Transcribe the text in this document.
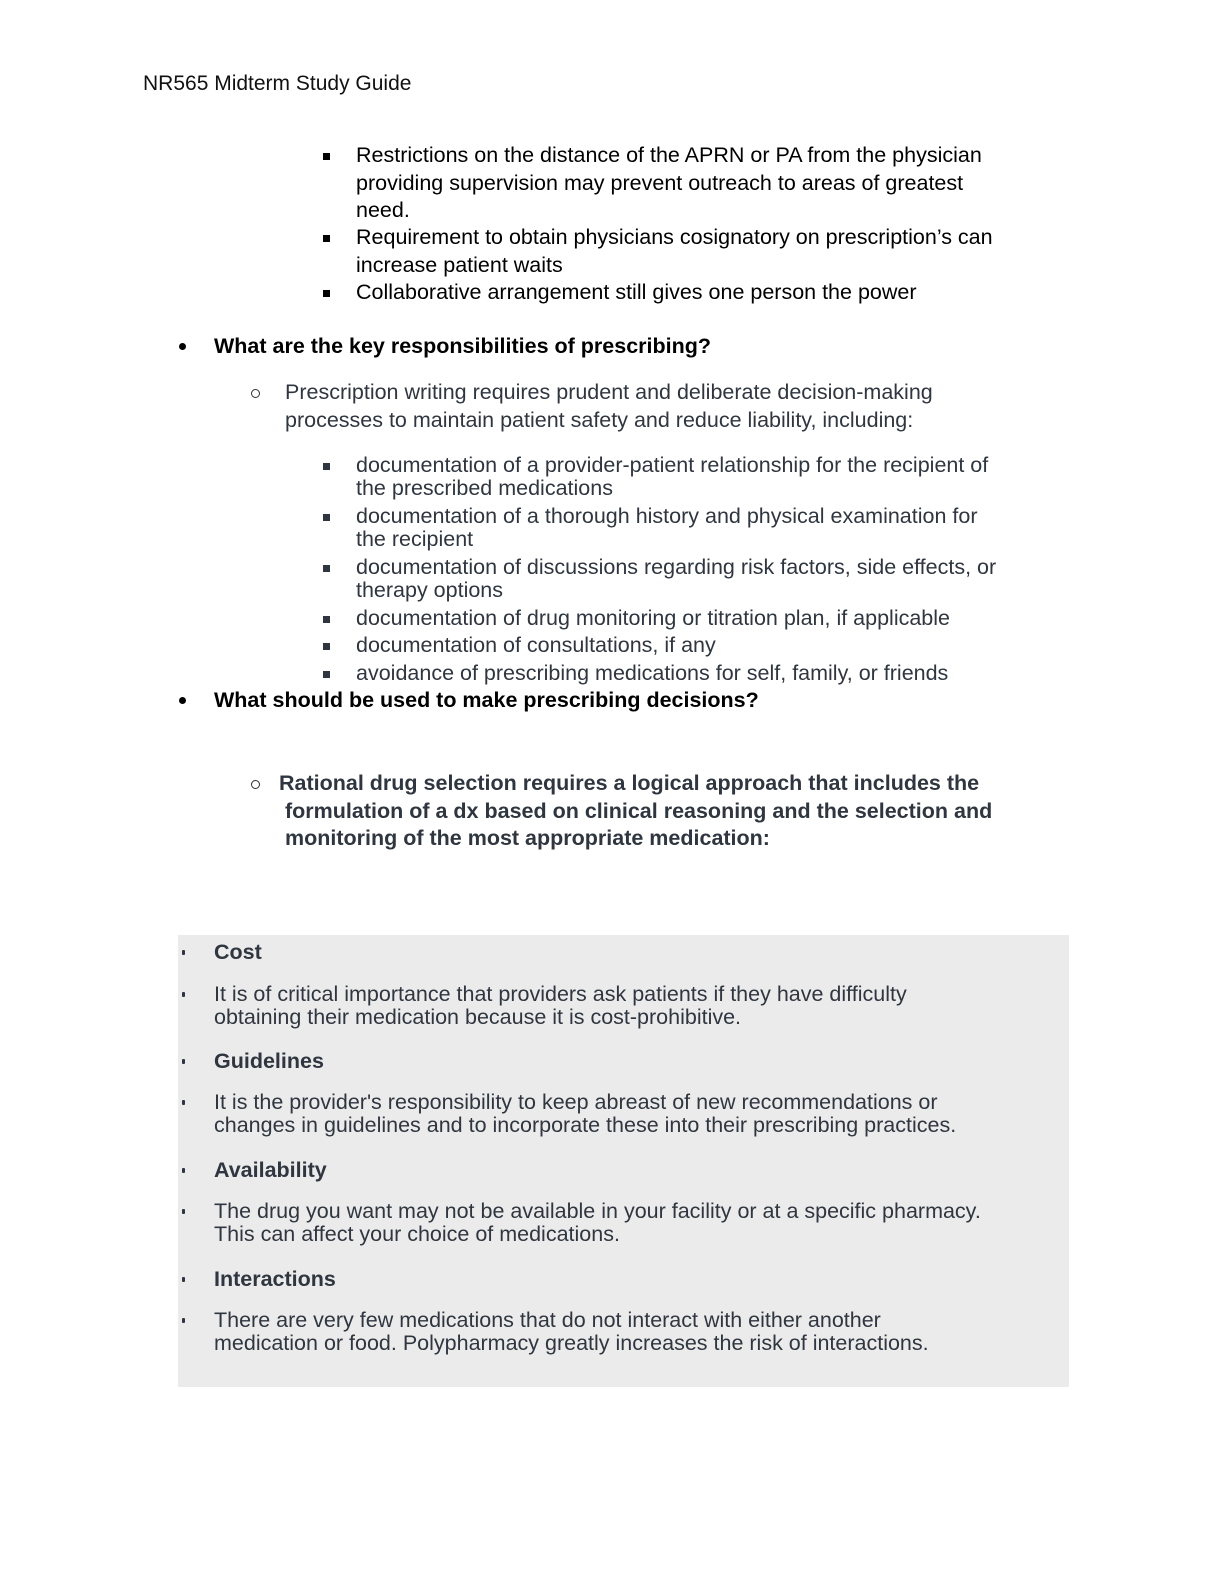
NR565 Midterm Study Guide
Restrictions on the distance of the APRN or PA from the physician
providing supervision may prevent outreach to areas of greatest
need.
Requirement to obtain physicians cosignatory on prescription’s can
increase patient waits
Collaborative arrangement still gives one person the power
What are the key responsibilities of prescribing?
Prescription writing requires prudent and deliberate decision-making
processes to maintain patient safety and reduce liability, including:
documentation of a provider-patient relationship for the recipient of
the prescribed medications
documentation of a thorough history and physical examination for
the recipient
documentation of discussions regarding risk factors, side effects, or
therapy options
documentation of drug monitoring or titration plan, if applicable
documentation of consultations, if any
avoidance of prescribing medications for self, family, or friends
What should be used to make prescribing decisions?
Rational drug selection requires a logical approach that includes the
formulation of a dx based on clinical reasoning and the selection and
monitoring of the most appropriate medication:
Cost
It is of critical importance that providers ask patients if they have difficulty
obtaining their medication because it is cost-prohibitive.
Guidelines
It is the provider's responsibility to keep abreast of new recommendations or
changes in guidelines and to incorporate these into their prescribing practices.
Availability
The drug you want may not be available in your facility or at a specific pharmacy.
This can affect your choice of medications.
Interactions
There are very few medications that do not interact with either another
medication or food. Polypharmacy greatly increases the risk of interactions.
